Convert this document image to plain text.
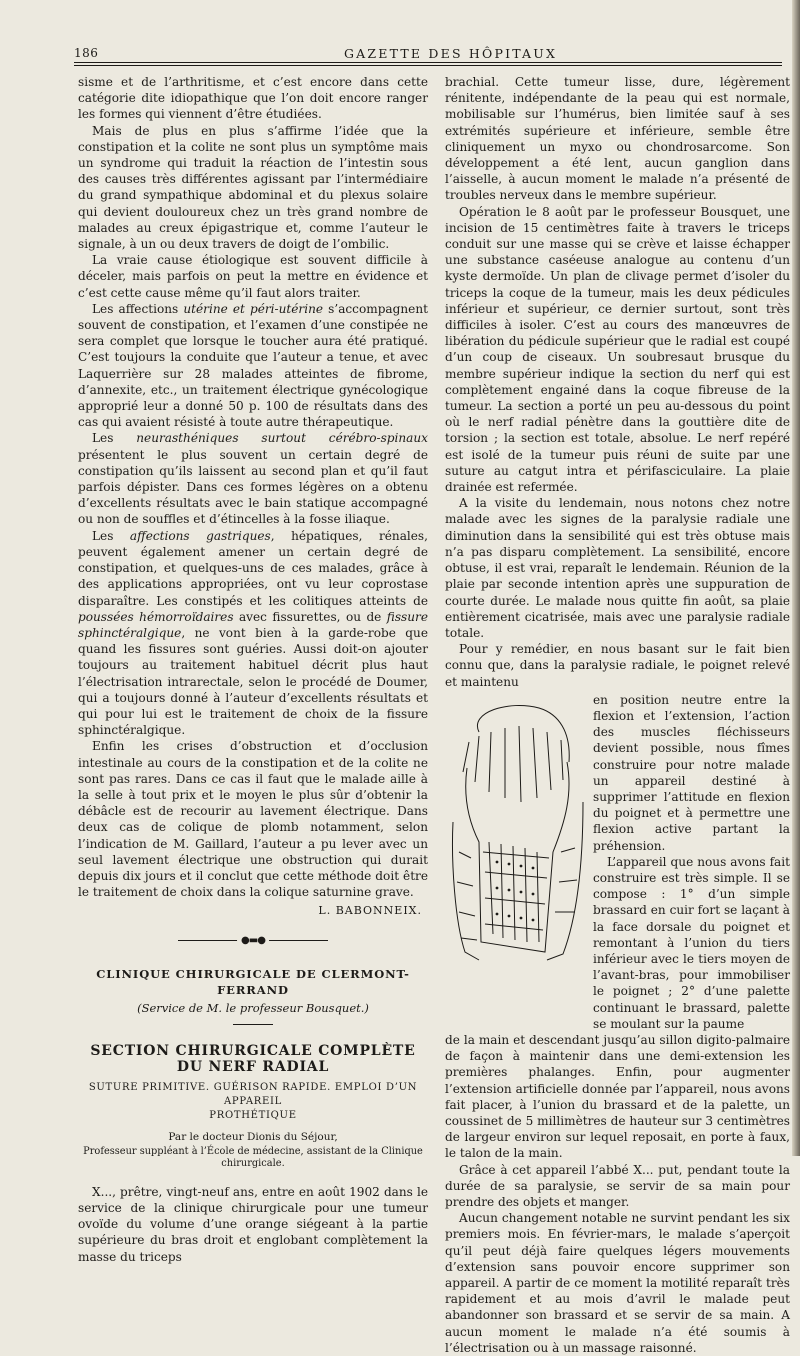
186	GAZETTE DES HÔPITAUX

sisme et de l’arthritisme, et c’est encore dans cette catégorie dite idiopathique que l’on doit encore ranger les formes qui viennent d’être étudiées.

Mais de plus en plus s’affirme l’idée que la constipation et la colite ne sont plus un symptôme mais un syndrome qui traduit la réaction de l’intestin sous des causes très différentes agissant par l’intermédiaire du grand sympathique abdominal et du plexus solaire qui devient douloureux chez un très grand nombre de malades au creux épigastrique et, comme l’auteur le signale, à un ou deux travers de doigt de l’ombilic.

La vraie cause étiologique est souvent difficile à déceler, mais parfois on peut la mettre en évidence et c’est cette cause même qu’il faut alors traiter.

Les affections utérine et péri-utérine s’accompagnent souvent de constipation, et l’examen d’une constipée ne sera complet que lorsque le toucher aura été pratiqué. C’est toujours la conduite que l’auteur a tenue, et avec Laquerrière sur 28 malades atteintes de fibrome, d’annexite, etc., un traitement électrique gynécologique approprié leur a donné 50 p. 100 de résultats dans des cas qui avaient résisté à toute autre thérapeutique.

Les neurasthéniques surtout cérébro-spinaux présentent le plus souvent un certain degré de constipation qu’ils laissent au second plan et qu’il faut parfois dépister. Dans ces formes légères on a obtenu d’excellents résultats avec le bain statique accompagné ou non de souffles et d’étincelles à la fosse iliaque.

Les affections gastriques, hépatiques, rénales, peuvent également amener un certain degré de constipation, et quelques-uns de ces malades, grâce à des applications appropriées, ont vu leur coprostase disparaître. Les constipés et les colitiques atteints de poussées hémorroïdaires avec fissurettes, ou de fissure sphinctéralgique, ne vont bien à la garde-robe que quand les fissures sont guéries. Aussi doit-on ajouter toujours au traitement habituel décrit plus haut l’électrisation intrarectale, selon le procédé de Doumer, qui a toujours donné à l’auteur d’excellents résultats et qui pour lui est le traitement de choix de la fissure sphinctéralgique.

Enfin les crises d’obstruction et d’occlusion intestinale au cours de la constipation et de la colite ne sont pas rares. Dans ce cas il faut que le malade aille à la selle à tout prix et le moyen le plus sûr d’obtenir la débâcle est de recourir au lavement électrique. Dans deux cas de colique de plomb notamment, selon l’indication de M. Gaillard, l’auteur a pu lever avec un seul lavement électrique une obstruction qui durait depuis dix jours et il conclut que cette méthode doit être le traitement de choix dans la colique saturnine grave.

L. BABONNEIX.
●▬●
CLINIQUE CHIRURGICALE DE CLERMONT-FERRAND
(Service de M. le professeur Bousquet.)
SECTION CHIRURGICALE COMPLÈTE DU NERF RADIAL
SUTURE PRIMITIVE. GUÉRISON RAPIDE. EMPLOI D’UN APPAREIL
PROTHÉTIQUE
Par le docteur Dionis du Séjour,
Professeur suppléant à l’École de médecine, assistant de la Clinique chirurgicale.

X..., prêtre, vingt-neuf ans, entre en août 1902 dans le service de la clinique chirurgicale pour une tumeur ovoïde du volume d’une orange siégeant à la partie supérieure du bras droit et englobant complètement la masse du triceps

brachial. Cette tumeur lisse, dure, légèrement rénitente, indépendante de la peau qui est normale, mobilisable sur l’humérus, bien limitée sauf à ses extrémités supérieure et inférieure, semble être cliniquement un myxo ou chondrosarcome. Son développement a été lent, aucun ganglion dans l’aisselle, à aucun moment le malade n’a présenté de troubles nerveux dans le membre supérieur.

Opération le 8 août par le professeur Bousquet, une incision de 15 centimètres faite à travers le triceps conduit sur une masse qui se crève et laisse échapper une substance caséeuse analogue au contenu d’un kyste dermoïde. Un plan de clivage permet d’isoler du triceps la coque de la tumeur, mais les deux pédicules inférieur et supérieur, ce dernier surtout, sont très difficiles à isoler. C’est au cours des manœuvres de libération du pédicule supérieur que le radial est coupé d’un coup de ciseaux. Un soubresaut brusque du membre supérieur indique la section du nerf qui est complètement engainé dans la coque fibreuse de la tumeur. La section a porté un peu au-dessous du point où le nerf radial pénètre dans la gouttière dite de torsion ; la section est totale, absolue. Le nerf repéré est isolé de la tumeur puis réuni de suite par une suture au catgut intra et périfasciculaire. La plaie drainée est refermée.

A la visite du lendemain, nous notons chez notre malade avec les signes de la paralysie radiale une diminution dans la sensibilité qui est très obtuse mais n’a pas disparu complètement. La sensibilité, encore obtuse, il est vrai, reparaît le lendemain. Réunion de la plaie par seconde intention après une suppuration de courte durée. Le malade nous quitte fin août, sa plaie entièrement cicatrisée, mais avec une paralysie radiale totale.

Pour y remédier, en nous basant sur le fait bien connu que, dans la paralysie radiale, le poignet relevé et maintenu

en position neutre entre la flexion et l’extension, l’action des muscles fléchisseurs devient possible, nous fîmes construire pour notre malade un appareil destiné à supprimer l’attitude en flexion du poignet et à permettre une flexion active partant la préhension.

L’appareil que nous avons fait construire est très simple. Il se compose : 1° d’un simple brassard en cuir fort se laçant à la face dorsale du poignet et remontant à l’union du tiers inférieur avec le tiers moyen de l’avant-bras, pour immobiliser le poignet ; 2° d’une palette continuant le brassard, palette se moulant sur la paume

de la main et descendant jusqu’au sillon digito-palmaire de façon à maintenir dans une demi-extension les premières phalanges. Enfin, pour augmenter l’extension artificielle donnée par l’appareil, nous avons fait placer, à l’union du brassard et de la palette, un coussinet de 5 millimètres de hauteur sur 3 centimètres de largeur environ sur lequel reposait, en porte à faux, le talon de la main.

Grâce à cet appareil l’abbé X... put, pendant toute la durée de sa paralysie, se servir de sa main pour prendre des objets et manger.

Aucun changement notable ne survint pendant les six premiers mois. En février-mars, le malade s’aperçoit qu’il peut déjà faire quelques légers mouvements d’extension sans pouvoir encore supprimer son appareil. A partir de ce moment la motilité reparaît très rapidement et au mois d’avril le malade peut abandonner son brassard et se servir de sa main. A aucun moment le malade n’a été soumis à l’électrisation ou à un massage raisonné.
